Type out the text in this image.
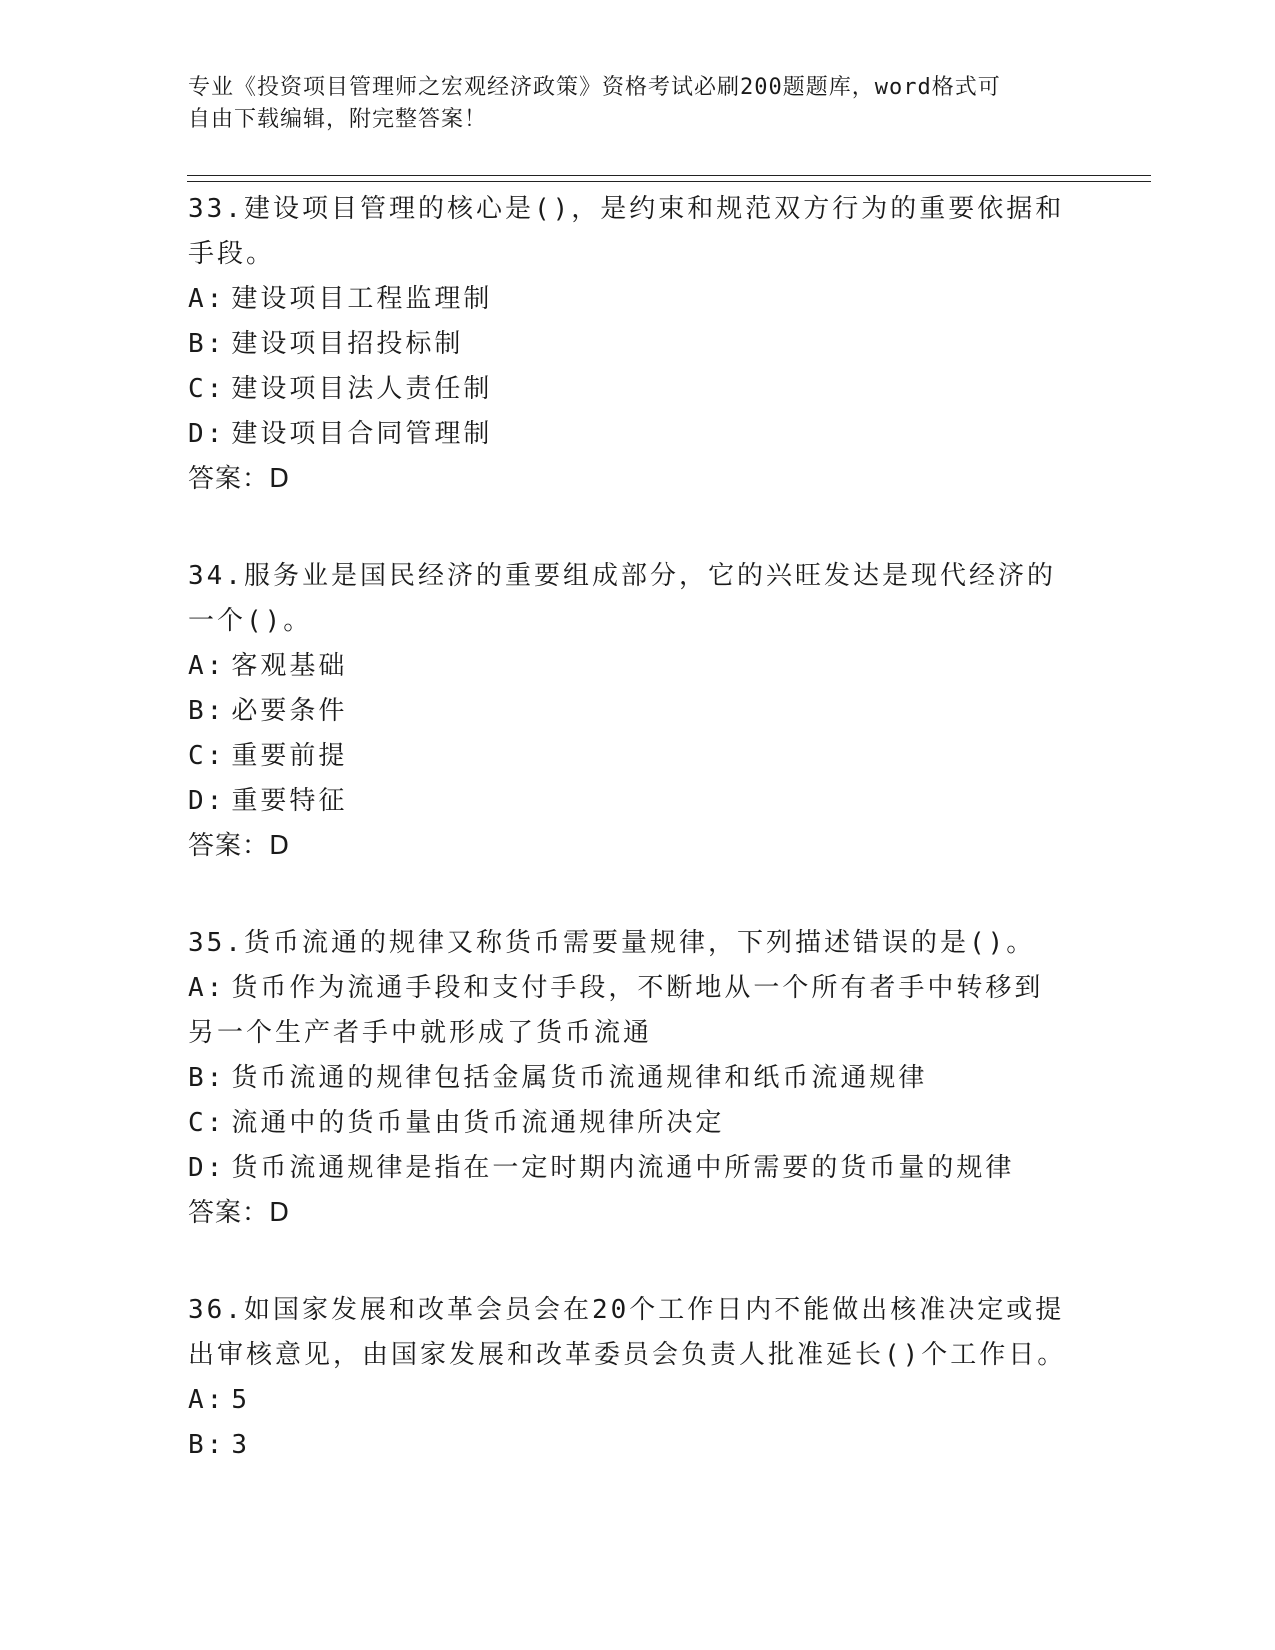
专业《投资项目管理师之宏观经济政策》资格考试必刷200题题库，word格式可
自由下载编辑，附完整答案！

33.建设项目管理的核心是()，是约束和规范双方行为的重要依据和手段。

A: 建设项目工程监理制
B: 建设项目招投标制
C: 建设项目法人责任制
D: 建设项目合同管理制
答案：D

34.服务业是国民经济的重要组成部分，它的兴旺发达是现代经济的一个()。

A: 客观基础
B: 必要条件
C: 重要前提
D: 重要特征
答案：D

35.货币流通的规律又称货币需要量规律，下列描述错误的是()。

A: 货币作为流通手段和支付手段，不断地从一个所有者手中转移到另一个生产者手中就形成了货币流通
B: 货币流通的规律包括金属货币流通规律和纸币流通规律
C: 流通中的货币量由货币流通规律所决定
D: 货币流通规律是指在一定时期内流通中所需要的货币量的规律
答案：D

36.如国家发展和改革会员会在20个工作日内不能做出核准决定或提出审核意见，由国家发展和改革委员会负责人批准延长()个工作日。

A: 5
B: 3
